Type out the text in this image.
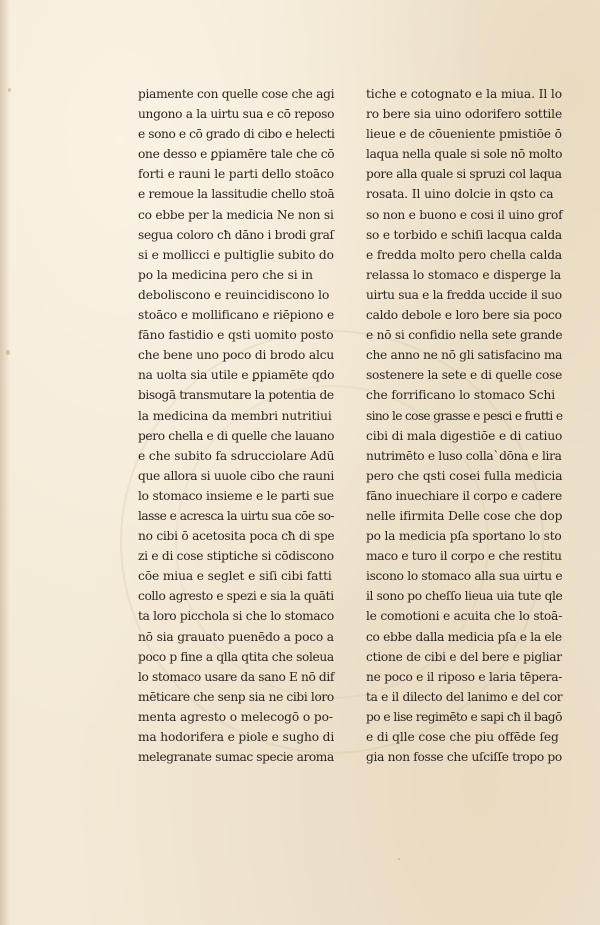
piamente con quelle cose che agi
ungono a la uirtu sua e cō reposo
e sono e cō grado di cibo e helecti
one desso e ꝑpiamēre tale che cō
forti e rauni le parti dello stoāco
e remoue la lassitudie chello stoā
co ebbe per la medicia Ne non si
segua coloro cħ dāno i brodi graſ
si e mollicci e pultiglie subito do
po la medicina pero che si in
debolisconο e reuincidiscono lo
stoāco e mollificano e riēpiono e
fāno fastidio e qsti uomito posto
che bene uno poco di brodo alcu
na uolta sia utile e ꝑpiamēte qdo
bisogā transmutare la potentia de
la medicina da membri nutritiui
pero chella e di quelle che lauano
e che subito fa sdrucciolare Adū
que allora si uuole cibo che rauni
lo stomaco insieme e le parti sue
lasse e acresca la uirtu sua cōe so-
no cibi ō acetosita poca cħ di spe
zi e di cose stiptiche si cōdiscono
cōe miua e seglet e siſi cibi fatti
collo agresto e spezi e sia la quāti
ta loro picchola si che lo stomaco
nō sia grauato puenēdo a poco a
poco p fine a qlla qtita che soleua
lo stomaco usare da sano E nō dif
mēticare che senp sia ne cibi loro
menta agresto o melecogō o po-
ma hodorifera e piole e sugho di
melegranate sumac specie aroma
tiche e cotognato e la miua. Il lo
ro bere sia uino odorifero sottile
lieue e de cōueniente pmistiōe ō
laqua nella quale si sole nō molto
pore alla quale si spruzi col laqua
rosata. Il uino dolcie in qsto ca
so non e buono e cosi il uino grof
so e torbido e schiſi lacqua calda
e fredda molto pero chella calda
relassa lo stomaco e disperge la
uirtu sua e la fredda uccide il suo
caldo debole e loro bere sia poco
e nō si confidio nella sete grande
che anno ne nō gli satisfacino ma
sostenere la sete e di quelle cose
che forrificano lo stomaco Schi
sino le cose grasse e pesci e frutti e
cibi di mala digestiōe e di catiuo
nutrimēto e luso collaˋdōna e lira
pero che qsti cosei fulla medicia
fāno inuechiare il corpo e cadere
nelle ifirmita Delle cose che dop
po la medicia pſa sportano lo sto
maco e turo il corpo e che restitu
iscono lo stomaco alla sua uirtu e
il sono po cheſſo lieua uia tute qle
le comotioni e acuita che lo stoā-
co ebbe dalla medicia pſa e la ele
ctione de cibi e del bere e pigliar
ne poco e il riposo e laria tēpera-
ta e il dilecto del lanimo e del cor
po e lise regimēto e sapi cħ il bagō
e di qlle cose che piu offēde ſeg
gia non fosse che uſciſſe tropo po
